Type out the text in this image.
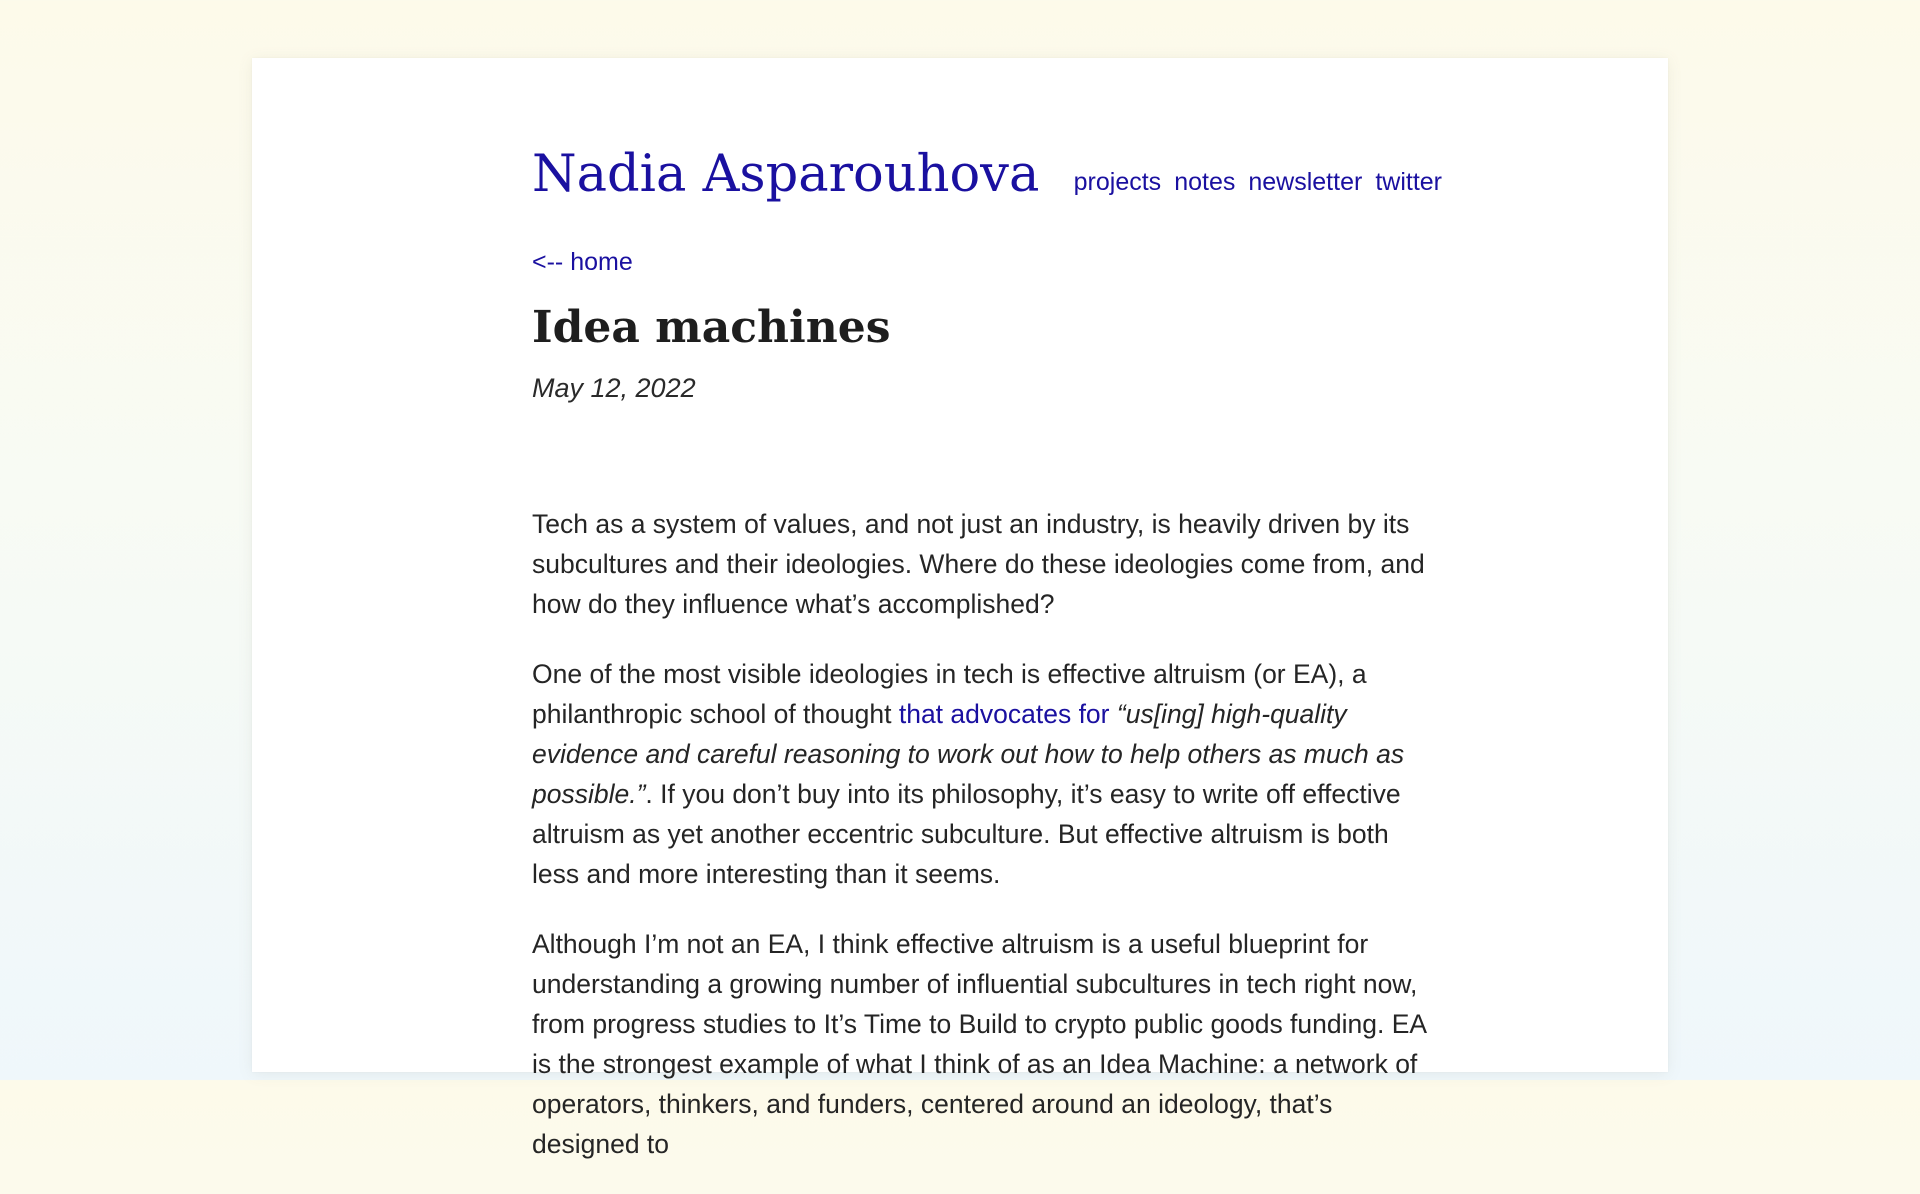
Nadia Asparouhova projects notes newsletter twitter
<-- home
Idea machines
May 12, 2022

Tech as a system of values, and not just an industry, is heavily driven by its subcultures and their ideologies. Where do these ideologies come from, and how do they influence what’s accomplished?

One of the most visible ideologies in tech is effective altruism (or EA), a philanthropic school of thought that advocates for “us[ing] high-quality evidence and careful reasoning to work out how to help others as much as possible.”. If you don’t buy into its philosophy, it’s easy to write off effective altruism as yet another eccentric subculture. But effective altruism is both less and more interesting than it seems.

Although I’m not an EA, I think effective altruism is a useful blueprint for understanding a growing number of influential subcultures in tech right now, from progress studies to It’s Time to Build to crypto public goods funding. EA is the strongest example of what I think of as an Idea Machine: a network of operators, thinkers, and funders, centered around an ideology, that’s designed to
